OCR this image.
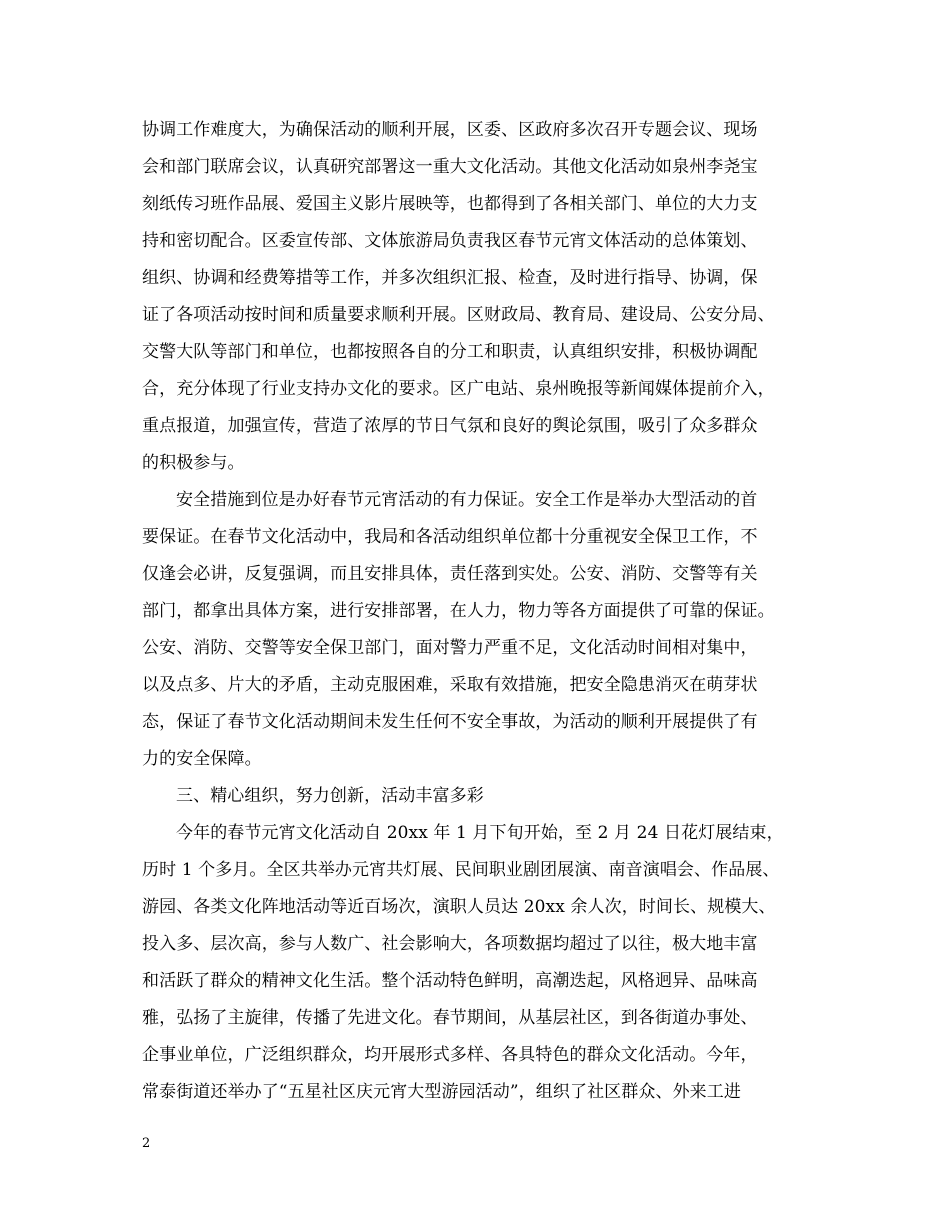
协调工作难度大，为确保活动的顺利开展，区委、区政府多次召开专题会议、现场
会和部门联席会议，认真研究部署这一重大文化活动。其他文化活动如泉州李尧宝
刻纸传习班作品展、爱国主义影片展映等，也都得到了各相关部门、单位的大力支
持和密切配合。区委宣传部、文体旅游局负责我区春节元宵文体活动的总体策划、
组织、协调和经费筹措等工作，并多次组织汇报、检查，及时进行指导、协调，保
证了各项活动按时间和质量要求顺利开展。区财政局、教育局、建设局、公安分局、
交警大队等部门和单位，也都按照各自的分工和职责，认真组织安排，积极协调配
合，充分体现了行业支持办文化的要求。区广电站、泉州晚报等新闻媒体提前介入，
重点报道，加强宣传，营造了浓厚的节日气氛和良好的舆论氛围，吸引了众多群众
的积极参与。
安全措施到位是办好春节元宵活动的有力保证。安全工作是举办大型活动的首
要保证。在春节文化活动中，我局和各活动组织单位都十分重视安全保卫工作，不
仅逢会必讲，反复强调，而且安排具体，责任落到实处。公安、消防、交警等有关
部门，都拿出具体方案，进行安排部署，在人力，物力等各方面提供了可靠的保证。
公安、消防、交警等安全保卫部门，面对警力严重不足，文化活动时间相对集中，
以及点多、片大的矛盾，主动克服困难，采取有效措施，把安全隐患消灭在萌芽状
态，保证了春节文化活动期间未发生任何不安全事故，为活动的顺利开展提供了有
力的安全保障。
三、精心组织，努力创新，活动丰富多彩
今年的春节元宵文化活动自 20xx 年 1 月下旬开始，至 2 月 24 日花灯展结束，
历时 1 个多月。全区共举办元宵共灯展、民间职业剧团展演、南音演唱会、作品展、
游园、各类文化阵地活动等近百场次，演职人员达 20xx 余人次，时间长、规模大、
投入多、层次高，参与人数广、社会影响大，各项数据均超过了以往，极大地丰富
和活跃了群众的精神文化生活。整个活动特色鲜明，高潮迭起，风格迥异、品味高
雅，弘扬了主旋律，传播了先进文化。春节期间，从基层社区，到各街道办事处、
企事业单位，广泛组织群众，均开展形式多样、各具特色的群众文化活动。今年，
常泰街道还举办了“五星社区庆元宵大型游园活动”，组织了社区群众、外来工进
2
